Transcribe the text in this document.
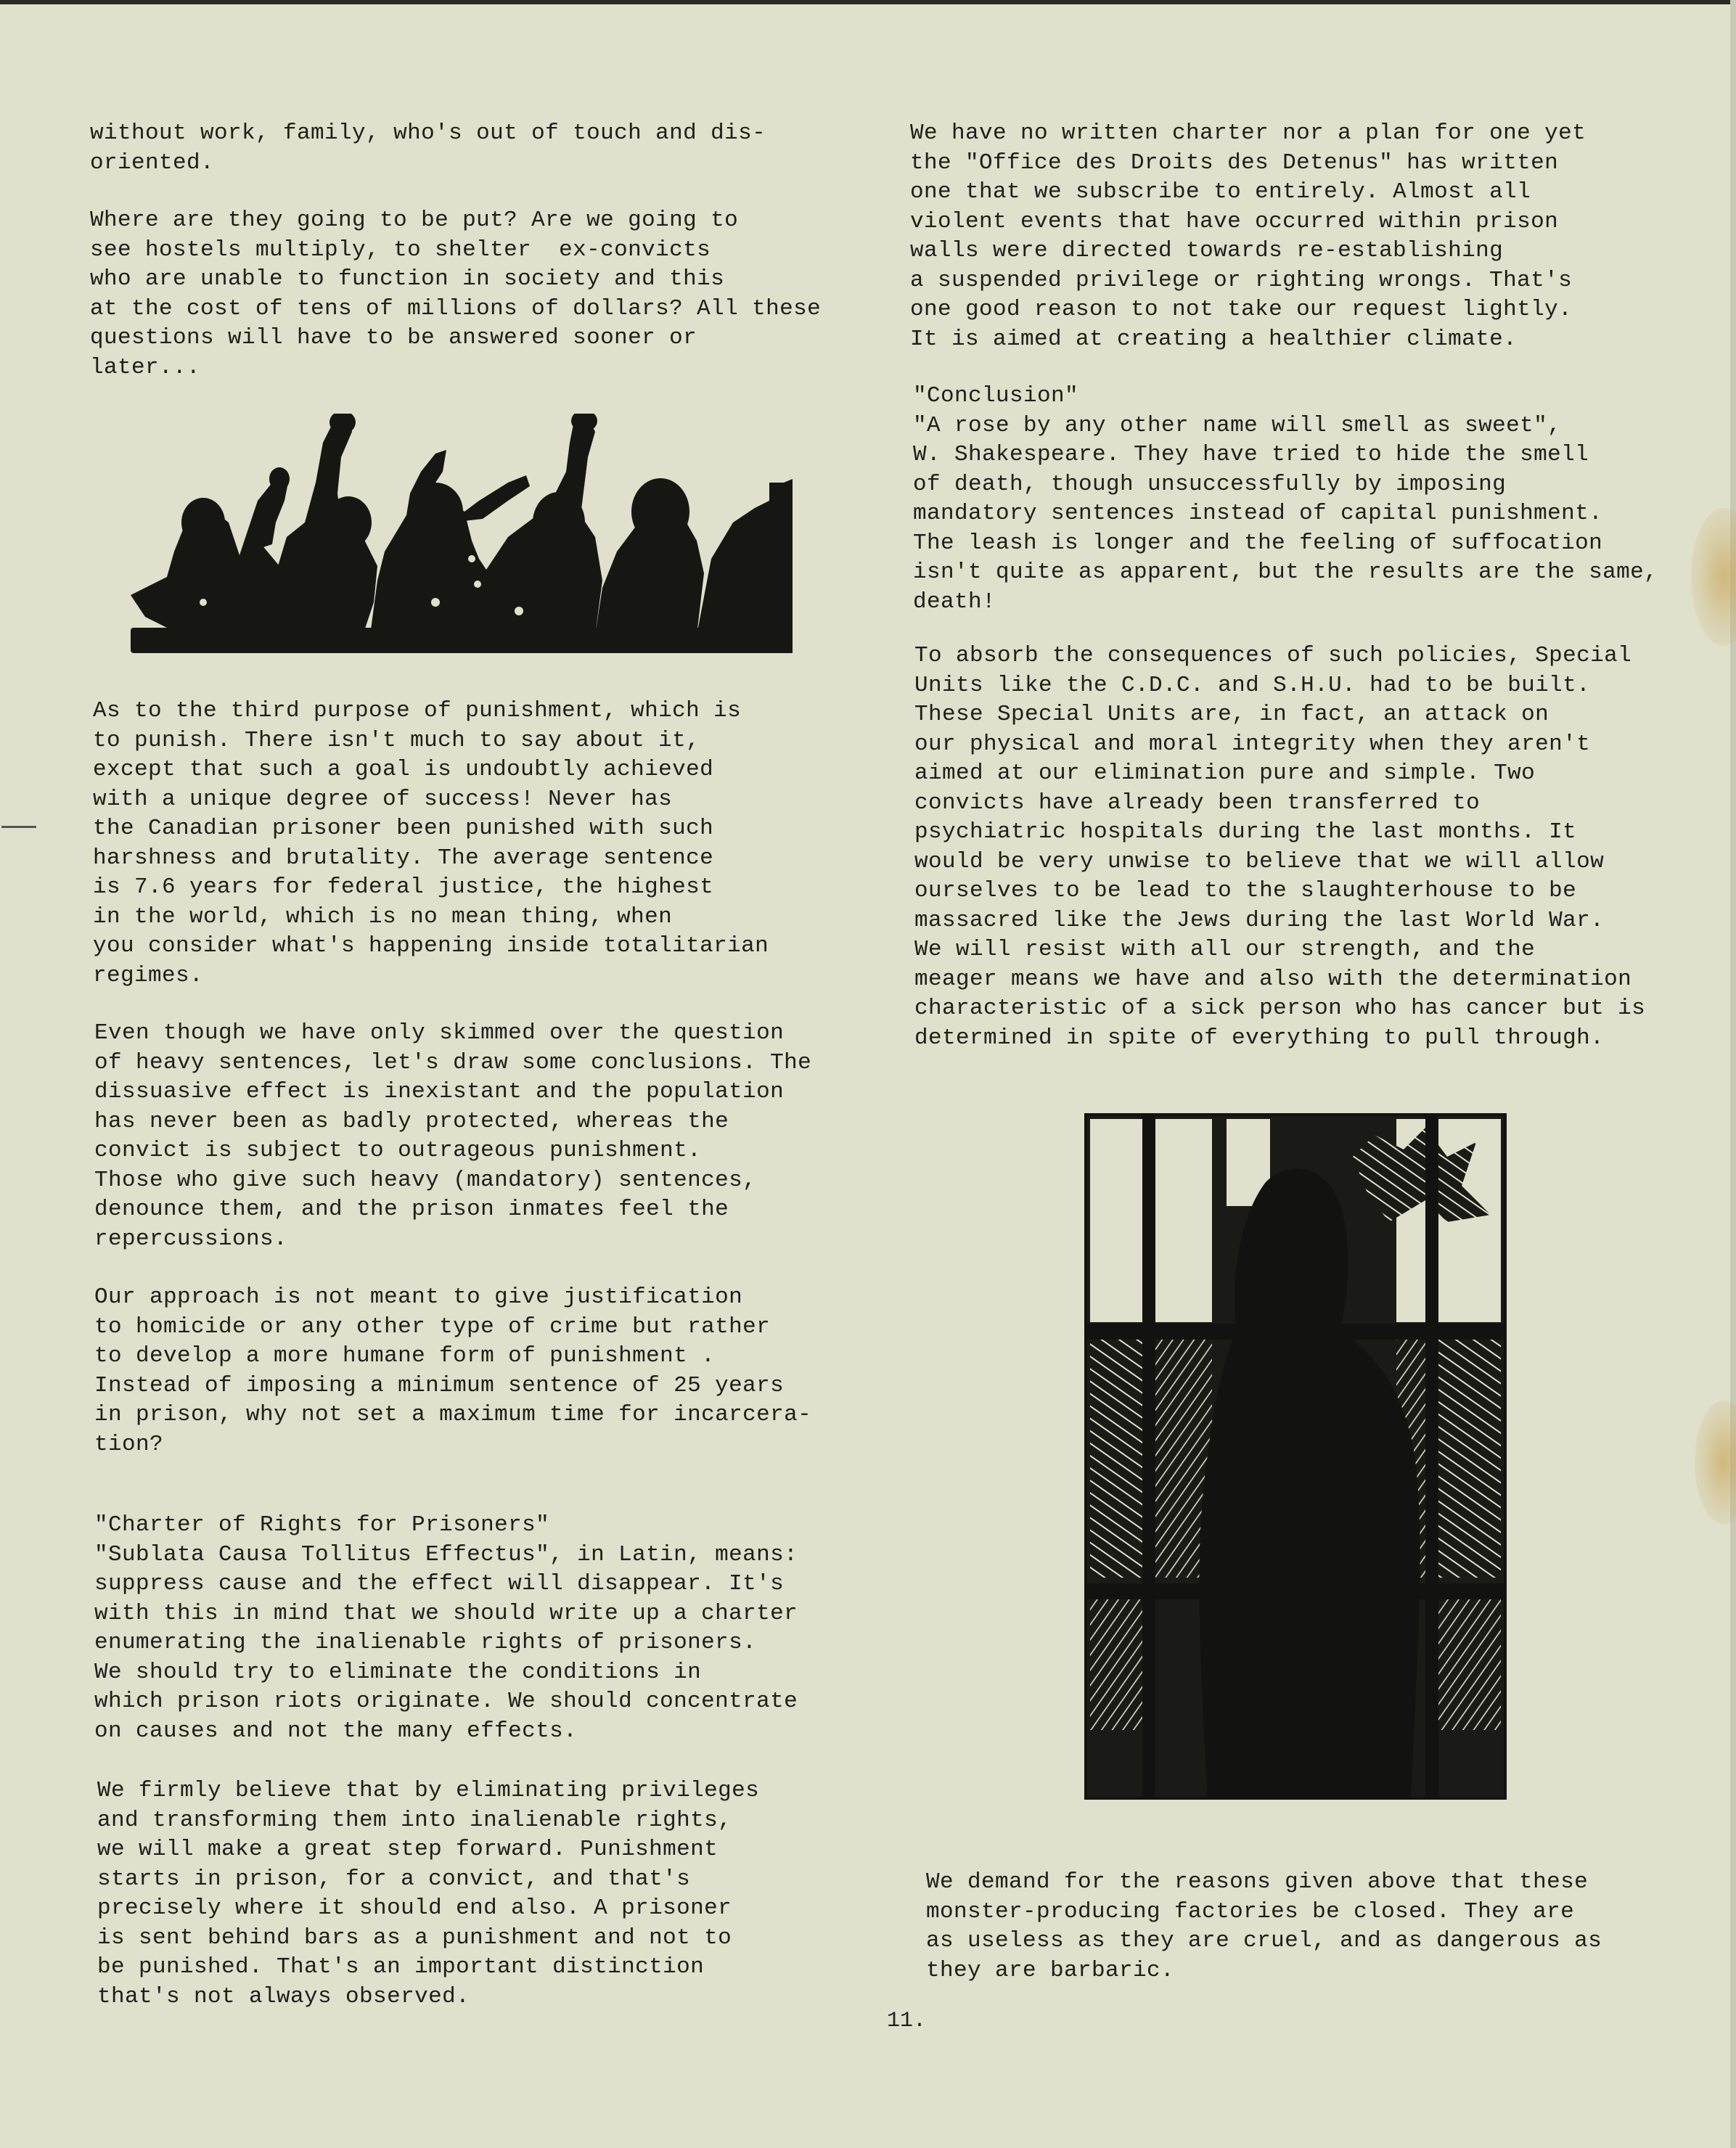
without work, family, who's out of touch and dis-
oriented.

Where are they going to be put? Are we going to
see hostels multiply, to shelter  ex-convicts
who are unable to function in society and this
at the cost of tens of millions of dollars? All these
questions will have to be answered sooner or
later...

As to the third purpose of punishment, which is
to punish. There isn't much to say about it,
except that such a goal is undoubtly achieved
with a unique degree of success! Never has
the Canadian prisoner been punished with such
harshness and brutality. The average sentence
is 7.6 years for federal justice, the highest
in the world, which is no mean thing, when
you consider what's happening inside totalitarian
regimes.

Even though we have only skimmed over the question
of heavy sentences, let's draw some conclusions. The
dissuasive effect is inexistant and the population
has never been as badly protected, whereas the
convict is subject to outrageous punishment.
Those who give such heavy (mandatory) sentences,
denounce them, and the prison inmates feel the
repercussions.

Our approach is not meant to give justification
to homicide or any other type of crime but rather
to develop a more humane form of punishment .
Instead of imposing a minimum sentence of 25 years
in prison, why not set a maximum time for incarcera-
tion?

"Charter of Rights for Prisoners"
"Sublata Causa Tollitus Effectus", in Latin, means:
suppress cause and the effect will disappear. It's
with this in mind that we should write up a charter
enumerating the inalienable rights of prisoners.
We should try to eliminate the conditions in
which prison riots originate. We should concentrate
on causes and not the many effects.

We firmly believe that by eliminating privileges
and transforming them into inalienable rights,
we will make a great step forward. Punishment
starts in prison, for a convict, and that's
precisely where it should end also. A prisoner
is sent behind bars as a punishment and not to
be punished. That's an important distinction
that's not always observed.

We have no written charter nor a plan for one yet
the "Office des Droits des Detenus" has written
one that we subscribe to entirely. Almost all
violent events that have occurred within prison
walls were directed towards re-establishing
a suspended privilege or righting wrongs. That's
one good reason to not take our request lightly.
It is aimed at creating a healthier climate.

"Conclusion"
"A rose by any other name will smell as sweet",
W. Shakespeare. They have tried to hide the smell
of death, though unsuccessfully by imposing
mandatory sentences instead of capital punishment.
The leash is longer and the feeling of suffocation
isn't quite as apparent, but the results are the same,
death!

To absorb the consequences of such policies, Special
Units like the C.D.C. and S.H.U. had to be built.
These Special Units are, in fact, an attack on
our physical and moral integrity when they aren't
aimed at our elimination pure and simple. Two
convicts have already been transferred to
psychiatric hospitals during the last months. It
would be very unwise to believe that we will allow
ourselves to be lead to the slaughterhouse to be
massacred like the Jews during the last World War.
We will resist with all our strength, and the
meager means we have and also with the determination
characteristic of a sick person who has cancer but is
determined in spite of everything to pull through.

We demand for the reasons given above that these
monster-producing factories be closed. They are
as useless as they are cruel, and as dangerous as
they are barbaric.

11.
